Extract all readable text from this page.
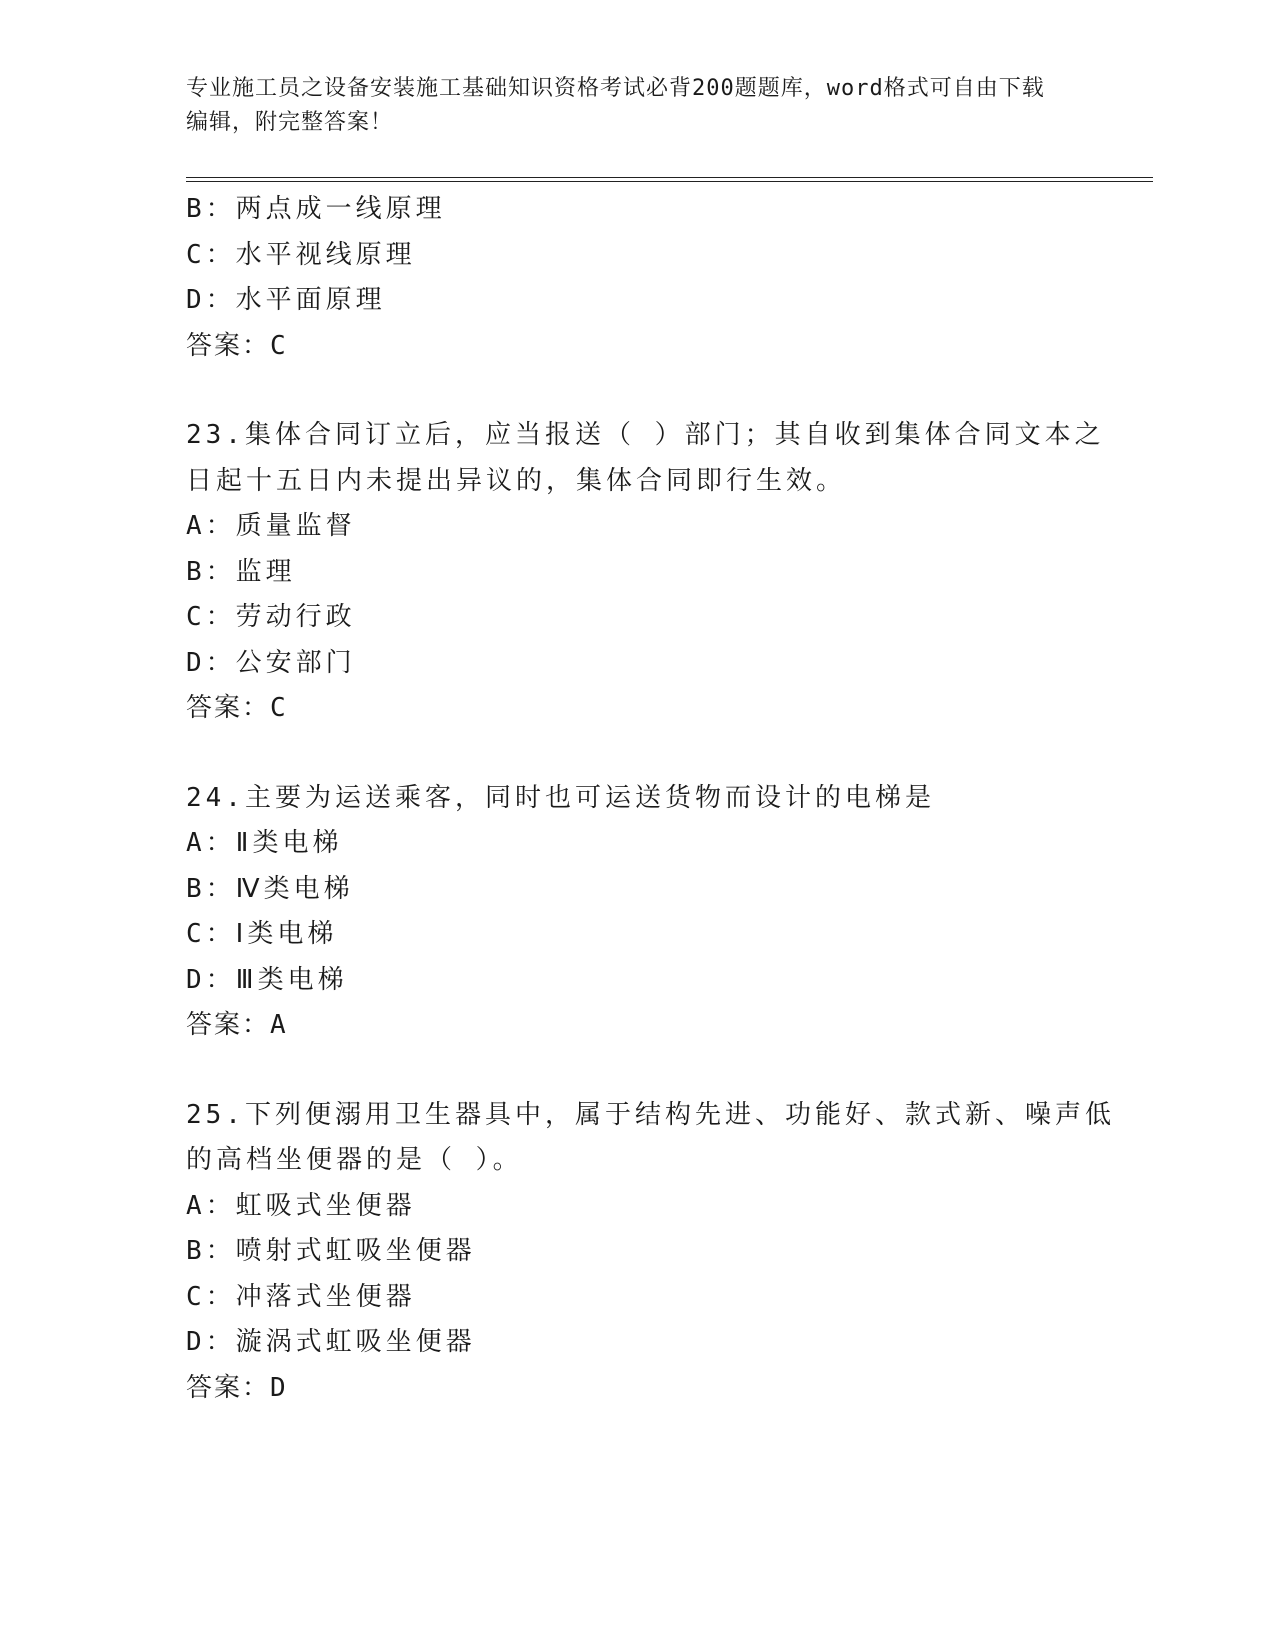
专业施工员之设备安装施工基础知识资格考试必背200题题库，word格式可自由下载编辑，附完整答案！
B：两点成一线原理
C：水平视线原理
D：水平面原理
答案：C
23.集体合同订立后，应当报送（ ）部门；其自收到集体合同文本之
日起十五日内未提出异议的，集体合同即行生效。
A：质量监督
B：监理
C：劳动行政
D：公安部门
答案：C
24.主要为运送乘客，同时也可运送货物而设计的电梯是
A：Ⅱ类电梯
B：Ⅳ类电梯
C：Ⅰ类电梯
D：Ⅲ类电梯
答案：A
25.下列便溺用卫生器具中，属于结构先进、功能好、款式新、噪声低
的高档坐便器的是（ ）。
A：虹吸式坐便器
B：喷射式虹吸坐便器
C：冲落式坐便器
D：漩涡式虹吸坐便器
答案：D
